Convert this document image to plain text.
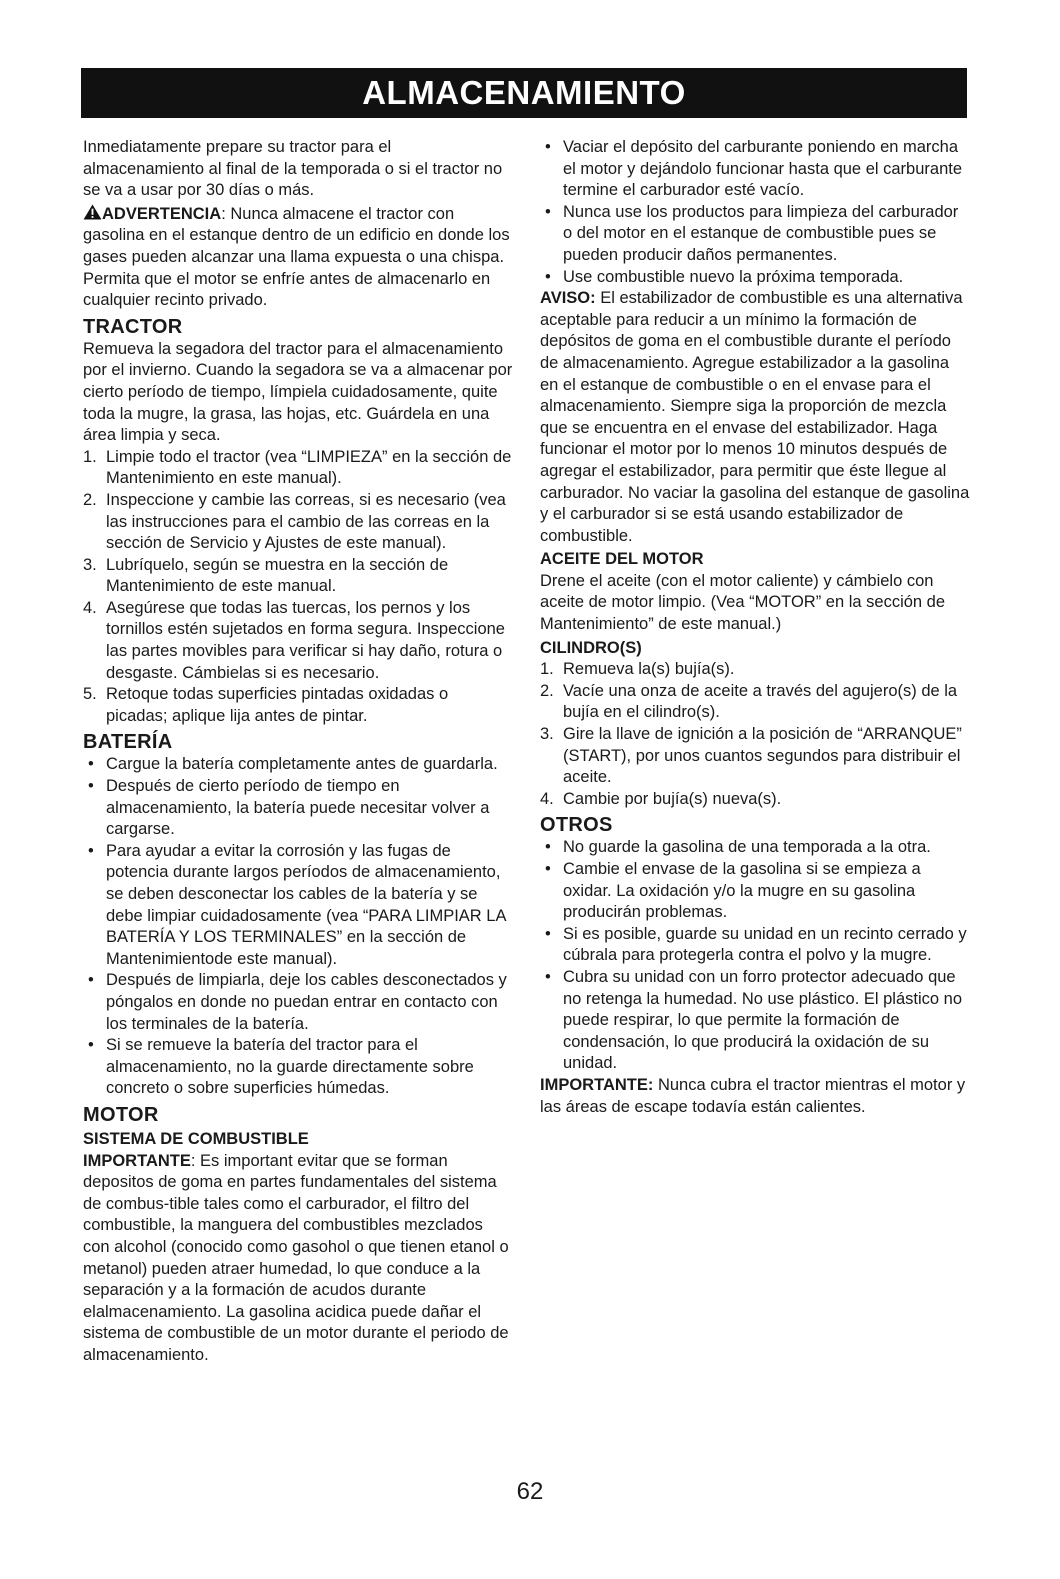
ALMACENAMIENTO

Inmediatamente prepare su tractor para el almacenamiento al final de la temporada o si el tractor no se va a usar por 30 días o más.

ADVERTENCIA: Nunca almacene el tractor con gasolina en el estanque dentro de un edificio en donde los gases pueden alcanzar una llama expuesta o una chispa. Permita que el motor se enfríe antes de almacenarlo en cualquier recinto privado.

TRACTOR

Remueva la segadora del tractor para el almacenamiento por el invierno. Cuando la segadora se va a almacenar por cierto período de tiempo, límpiela cuidadosamente, quite toda la mugre, la grasa, las hojas, etc. Guárdela en una área limpia y seca.

1. Limpie todo el tractor (vea “LIMPIEZA” en la sección de Mantenimiento en este manual).
2. Inspeccione y cambie las correas, si es necesario (vea las instrucciones para el cambio de las correas en la sección de Servicio y Ajustes de este manual).
3. Lubríquelo, según se muestra en la sección de Mantenimiento de este manual.
4. Asegúrese que todas las tuercas, los pernos y los tornillos estén sujetados en forma segura. Inspeccione las partes movibles para verificar si hay daño, rotura o desgaste. Cámbielas si es necesario.
5. Retoque todas superficies pintadas oxidadas o picadas; aplique lija antes de pintar.
BATERÍA
• Cargue la batería completamente antes de guardarla.
• Después de cierto período de tiempo en almacenamiento, la batería puede necesitar volver a cargarse.
• Para ayudar a evitar la corrosión y las fugas de potencia durante largos períodos de almacenamiento, se deben desconectar los cables de la batería y se debe limpiar cuidadosamente (vea “PARA LIMPIAR LA BATERÍA Y LOS TERMINALES” en la sección de Mantenimientode este manual).
• Después de limpiarla, deje los cables desconectados y póngalos en donde no puedan entrar en contacto con los terminales de la batería.
• Si se remueve la batería del tractor para el almacenamiento, no la guarde directamente sobre concreto o sobre superficies húmedas.
MOTOR
SISTEMA DE COMBUSTIBLE

IMPORTANTE: Es important evitar que se forman depositos de goma en partes fundamentales del sistema de combus-tible tales como el carburador, el filtro del combustible, la manguera del combustibles mezclados con alcohol (conocido como gasohol o que tienen etanol o metanol) pueden atraer humedad, lo que conduce a la separación y a la formación de acudos durante elalmacenamiento. La gasolina acidica puede dañar el sistema de combustible de un motor durante el periodo de almacenamiento.

• Vaciar el depósito del carburante poniendo en marcha el motor y dejándolo funcionar hasta que el carburante termine el carburador esté vacío.
• Nunca use los productos para limpieza del carburador o del motor en el estanque de combustible pues se pueden producir daños permanentes.
• Use combustible nuevo la próxima temporada.

AVISO: El estabilizador de combustible es una alternativa aceptable para reducir a un mínimo la formación de depósitos de goma en el combustible durante el período de almacenamiento. Agregue estabilizador a la gasolina en el estanque de combustible o en el envase para el almacenamiento. Siempre siga la proporción de mezcla que se encuentra en el envase del estabilizador. Haga funcionar el motor por lo menos 10 minutos después de agregar el estabilizador, para permitir que éste llegue al carburador. No vaciar la gasolina del estanque de gasolina y el carburador si se está usando estabilizador de combustible.

ACEITE DEL MOTOR

Drene el aceite (con el motor caliente) y cámbielo con aceite de motor limpio. (Vea “MOTOR” en la sección de Mantenimiento” de este manual.)

CILINDRO(S)
1. Remueva la(s) bujía(s).
2. Vacíe una onza de aceite a través del agujero(s) de la bujía en el cilindro(s).
3. Gire la llave de ignición a la posición de “ARRANQUE” (START), por unos cuantos segundos para distribuir el aceite.
4. Cambie por bujía(s) nueva(s).
OTROS
• No guarde la gasolina de una temporada a la otra.
• Cambie el envase de la gasolina si se empieza a oxidar. La oxidación y/o la mugre en su gasolina producirán problemas.
• Si es posible, guarde su unidad en un recinto cerrado y cúbrala para protegerla contra el polvo y la mugre.
• Cubra su unidad con un forro protector adecuado que no retenga la humedad. No use plástico. El plástico no puede respirar, lo que permite la formación de condensación, lo que producirá la oxidación de su unidad.

IMPORTANTE: Nunca cubra el tractor mientras el motor y las áreas de escape todavía están calientes.

62
